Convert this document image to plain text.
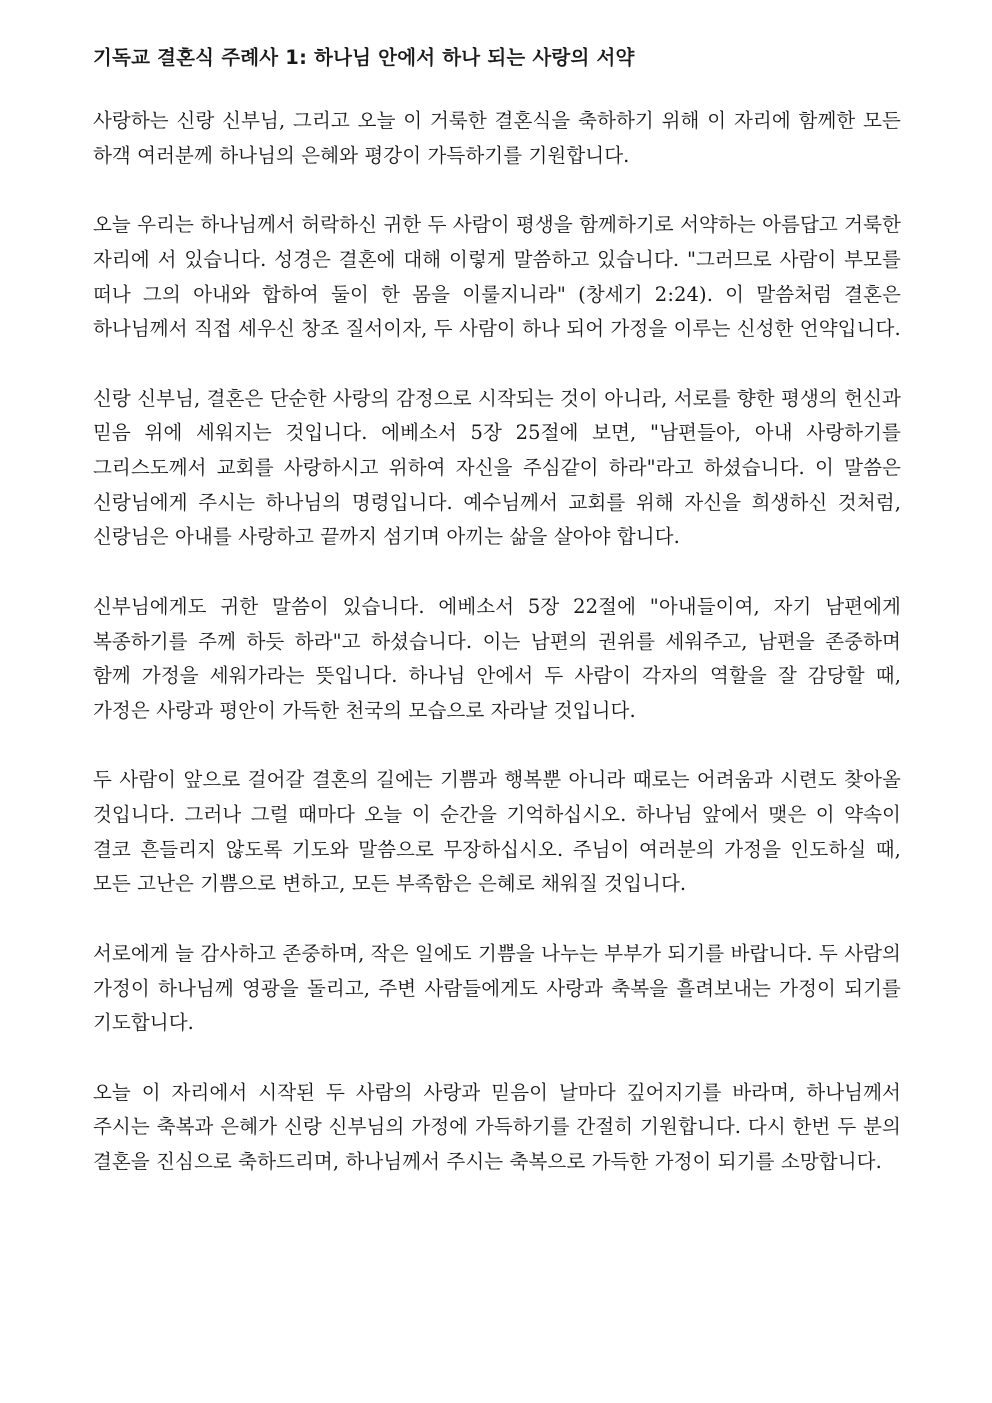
기독교 결혼식 주례사 1: 하나님 안에서 하나 되는 사랑의 서약
사랑하는 신랑 신부님, 그리고 오늘 이 거룩한 결혼식을 축하하기 위해 이 자리에 함께한 모든 하객 여러분께 하나님의 은혜와 평강이 가득하기를 기원합니다.
오늘 우리는 하나님께서 허락하신 귀한 두 사람이 평생을 함께하기로 서약하는 아름답고 거룩한 자리에 서 있습니다. 성경은 결혼에 대해 이렇게 말씀하고 있습니다. "그러므로 사람이 부모를 떠나 그의 아내와 합하여 둘이 한 몸을 이룰지니라" (창세기 2:24). 이 말씀처럼 결혼은 하나님께서 직접 세우신 창조 질서이자, 두 사람이 하나 되어 가정을 이루는 신성한 언약입니다.
신랑 신부님, 결혼은 단순한 사랑의 감정으로 시작되는 것이 아니라, 서로를 향한 평생의 헌신과 믿음 위에 세워지는 것입니다. 에베소서 5장 25절에 보면, "남편들아, 아내 사랑하기를 그리스도께서 교회를 사랑하시고 위하여 자신을 주심같이 하라"라고 하셨습니다. 이 말씀은 신랑님에게 주시는 하나님의 명령입니다. 예수님께서 교회를 위해 자신을 희생하신 것처럼, 신랑님은 아내를 사랑하고 끝까지 섬기며 아끼는 삶을 살아야 합니다.
신부님에게도 귀한 말씀이 있습니다. 에베소서 5장 22절에 "아내들이여, 자기 남편에게 복종하기를 주께 하듯 하라"고 하셨습니다. 이는 남편의 권위를 세워주고, 남편을 존중하며 함께 가정을 세워가라는 뜻입니다. 하나님 안에서 두 사람이 각자의 역할을 잘 감당할 때, 가정은 사랑과 평안이 가득한 천국의 모습으로 자라날 것입니다.
두 사람이 앞으로 걸어갈 결혼의 길에는 기쁨과 행복뿐 아니라 때로는 어려움과 시련도 찾아올 것입니다. 그러나 그럴 때마다 오늘 이 순간을 기억하십시오. 하나님 앞에서 맺은 이 약속이 결코 흔들리지 않도록 기도와 말씀으로 무장하십시오. 주님이 여러분의 가정을 인도하실 때, 모든 고난은 기쁨으로 변하고, 모든 부족함은 은혜로 채워질 것입니다.
서로에게 늘 감사하고 존중하며, 작은 일에도 기쁨을 나누는 부부가 되기를 바랍니다. 두 사람의 가정이 하나님께 영광을 돌리고, 주변 사람들에게도 사랑과 축복을 흘려보내는 가정이 되기를 기도합니다.
오늘 이 자리에서 시작된 두 사람의 사랑과 믿음이 날마다 깊어지기를 바라며, 하나님께서 주시는 축복과 은혜가 신랑 신부님의 가정에 가득하기를 간절히 기원합니다. 다시 한번 두 분의 결혼을 진심으로 축하드리며, 하나님께서 주시는 축복으로 가득한 가정이 되기를 소망합니다.
